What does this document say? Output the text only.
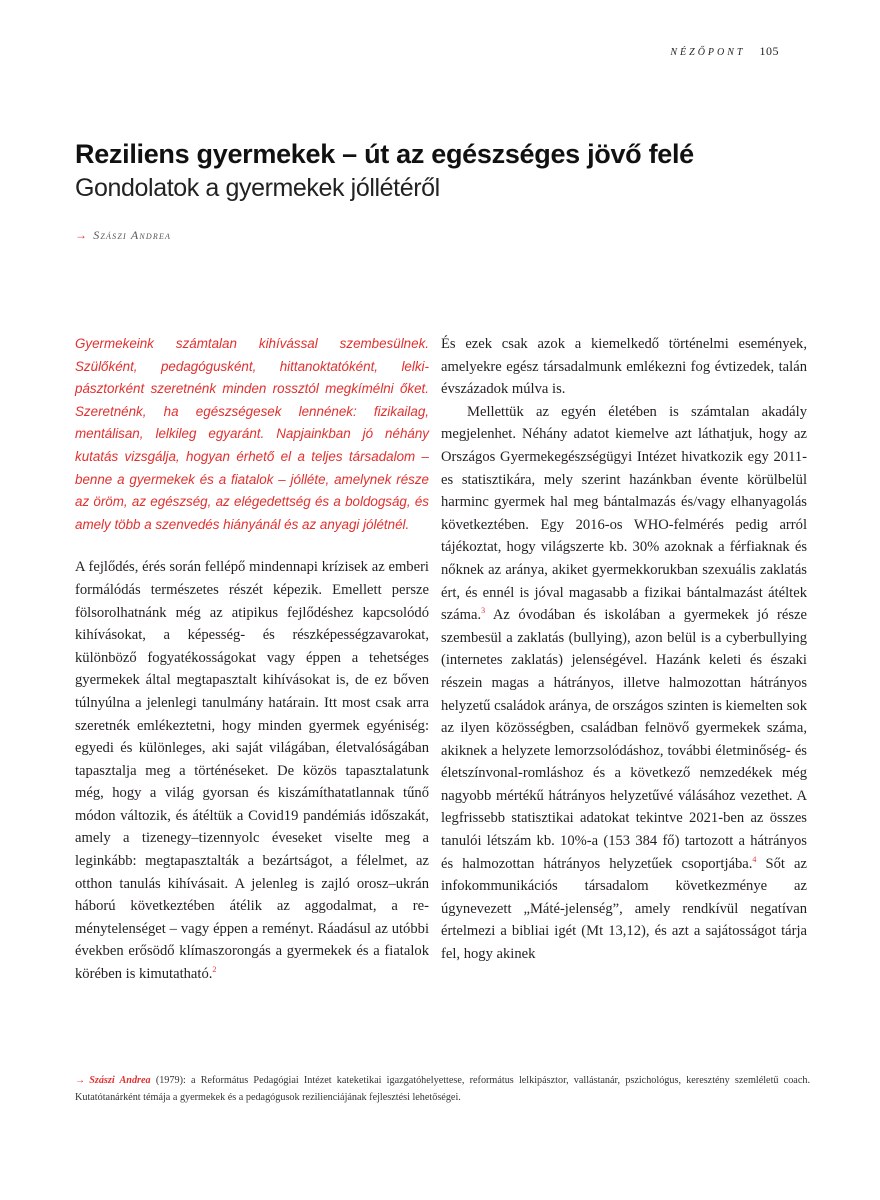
NÉZŐPONT 105
Reziliens gyermekek – út az egészséges jövő felé
Gondolatok a gyermekek jóllétéről
→ Szászi Andrea

Gyermekeink számtalan kihívással szembesülnek. Szülőként, pedagógusként, hittanoktatóként, lelkipásztorként szeretnénk minden rossztól megkímélni őket. Szeretnénk, ha egészségesek lennének: fizikailag, mentálisan, lelkileg egyaránt. Napjainkban jó néhány kutatás vizsgálja, hogyan érhető el a teljes társadalom – benne a gyermekek és a fiatalok – jólléte, amelynek része az öröm, az egészség, az elégedettség és a boldogság, és amely több a szenvedés hiányánál és az anyagi jólétnél.

A fejlődés, érés során fellépő mindennapi krízisek az emberi formálódás természetes részét képezik. Emellett persze fölsorolhatnánk még az atipikus fejlődéshez kapcsolódó kihívásokat, a képesség- és részképességzavarokat, különböző fogyatékosságokat vagy éppen a tehetséges gyermekek által megtapasztalt kihívásokat is, de ez bőven túlnyúlna a jelenlegi tanulmány határain. Itt most csak arra szeretnék emlékeztetni, hogy minden gyermek egyéniség: egyedi és különleges, aki saját világában, életvalóságában tapasztalja meg a történéseket. De közös tapasztalatunk még, hogy a világ gyorsan és kiszámíthatatlannak tűnő módon változik, és átéltük a Covid19 pandémiás időszakát, amely a tizenegy–tizennyolc éveseket viselte meg a leginkább: megtapasztalták a bezártságot, a félelmet, az otthon tanulás kihívásait. A jelenleg is zajló orosz–ukrán háború következtében átélik az aggodalmat, a reménytelenséget – vagy éppen a reményt. Ráadásul az utóbbi években erősödő klímaszorongás a gyermekek és a fiatalok körében is kimutatható.$^2$

És ezek csak azok a kiemelkedő történelmi események, amelyekre egész társadalmunk emlékezni fog évtizedek, talán évszázadok múlva is.

Mellettük az egyén életében is számtalan akadály megjelenhet. Néhány adatot kiemelve azt láthatjuk, hogy az Országos Gyermekegészségügyi Intézet hivatkozik egy 2011-es statisztikára, mely szerint hazánkban évente körülbelül harminc gyermek hal meg bántalmazás és/vagy elhanyagolás következtében. Egy 2016-os WHO-felmérés pedig arról tájékoztat, hogy világszerte kb. 30% azoknak a férfiaknak és nőknek az aránya, akiket gyermekkorukban szexuális zaklatás ért, és ennél is jóval magasabb a fizikai bántalmazást átéltek száma.$^3$ Az óvodában és iskolában a gyermekek jó része szembesül a zaklatás (bullying), azon belül is a cyberbullying (internetes zaklatás) jelenségével. Hazánk keleti és északi részein magas a hátrányos, illetve halmozottan hátrányos helyzetű családok aránya, de országos szinten is kiemelten sok az ilyen közösségben, családban felnövő gyermekek száma, akiknek a helyzete lemorzsolódáshoz, további életminőség- és életszínvonal-romláshoz és a következő nemzedékek még nagyobb mértékű hátrányos helyzetűvé válásához vezethet. A legfrissebb statisztikai adatokat tekintve 2021-ben az összes tanulói létszám kb. 10%-a (153 384 fő) tartozott a hátrányos és halmozottan hátrányos helyzetűek csoportjába.$^4$ Sőt az infokommunikációs társadalom következménye az úgynevezett „Máté-jelenség”, amely rendkívül negatívan értelmezi a bibliai igét (Mt 13,12), és azt a sajátosságot tárja fel, hogy akinek

→ Szászi Andrea (1979): a Református Pedagógiai Intézet kateketikai igazgatóhelyettese, református lelkipásztor, vallástanár, pszichológus, keresztény szemléletű coach. Kutatótanárként témája a gyermekek és a pedagógusok rezilienciájának fejlesztési lehetőségei.
